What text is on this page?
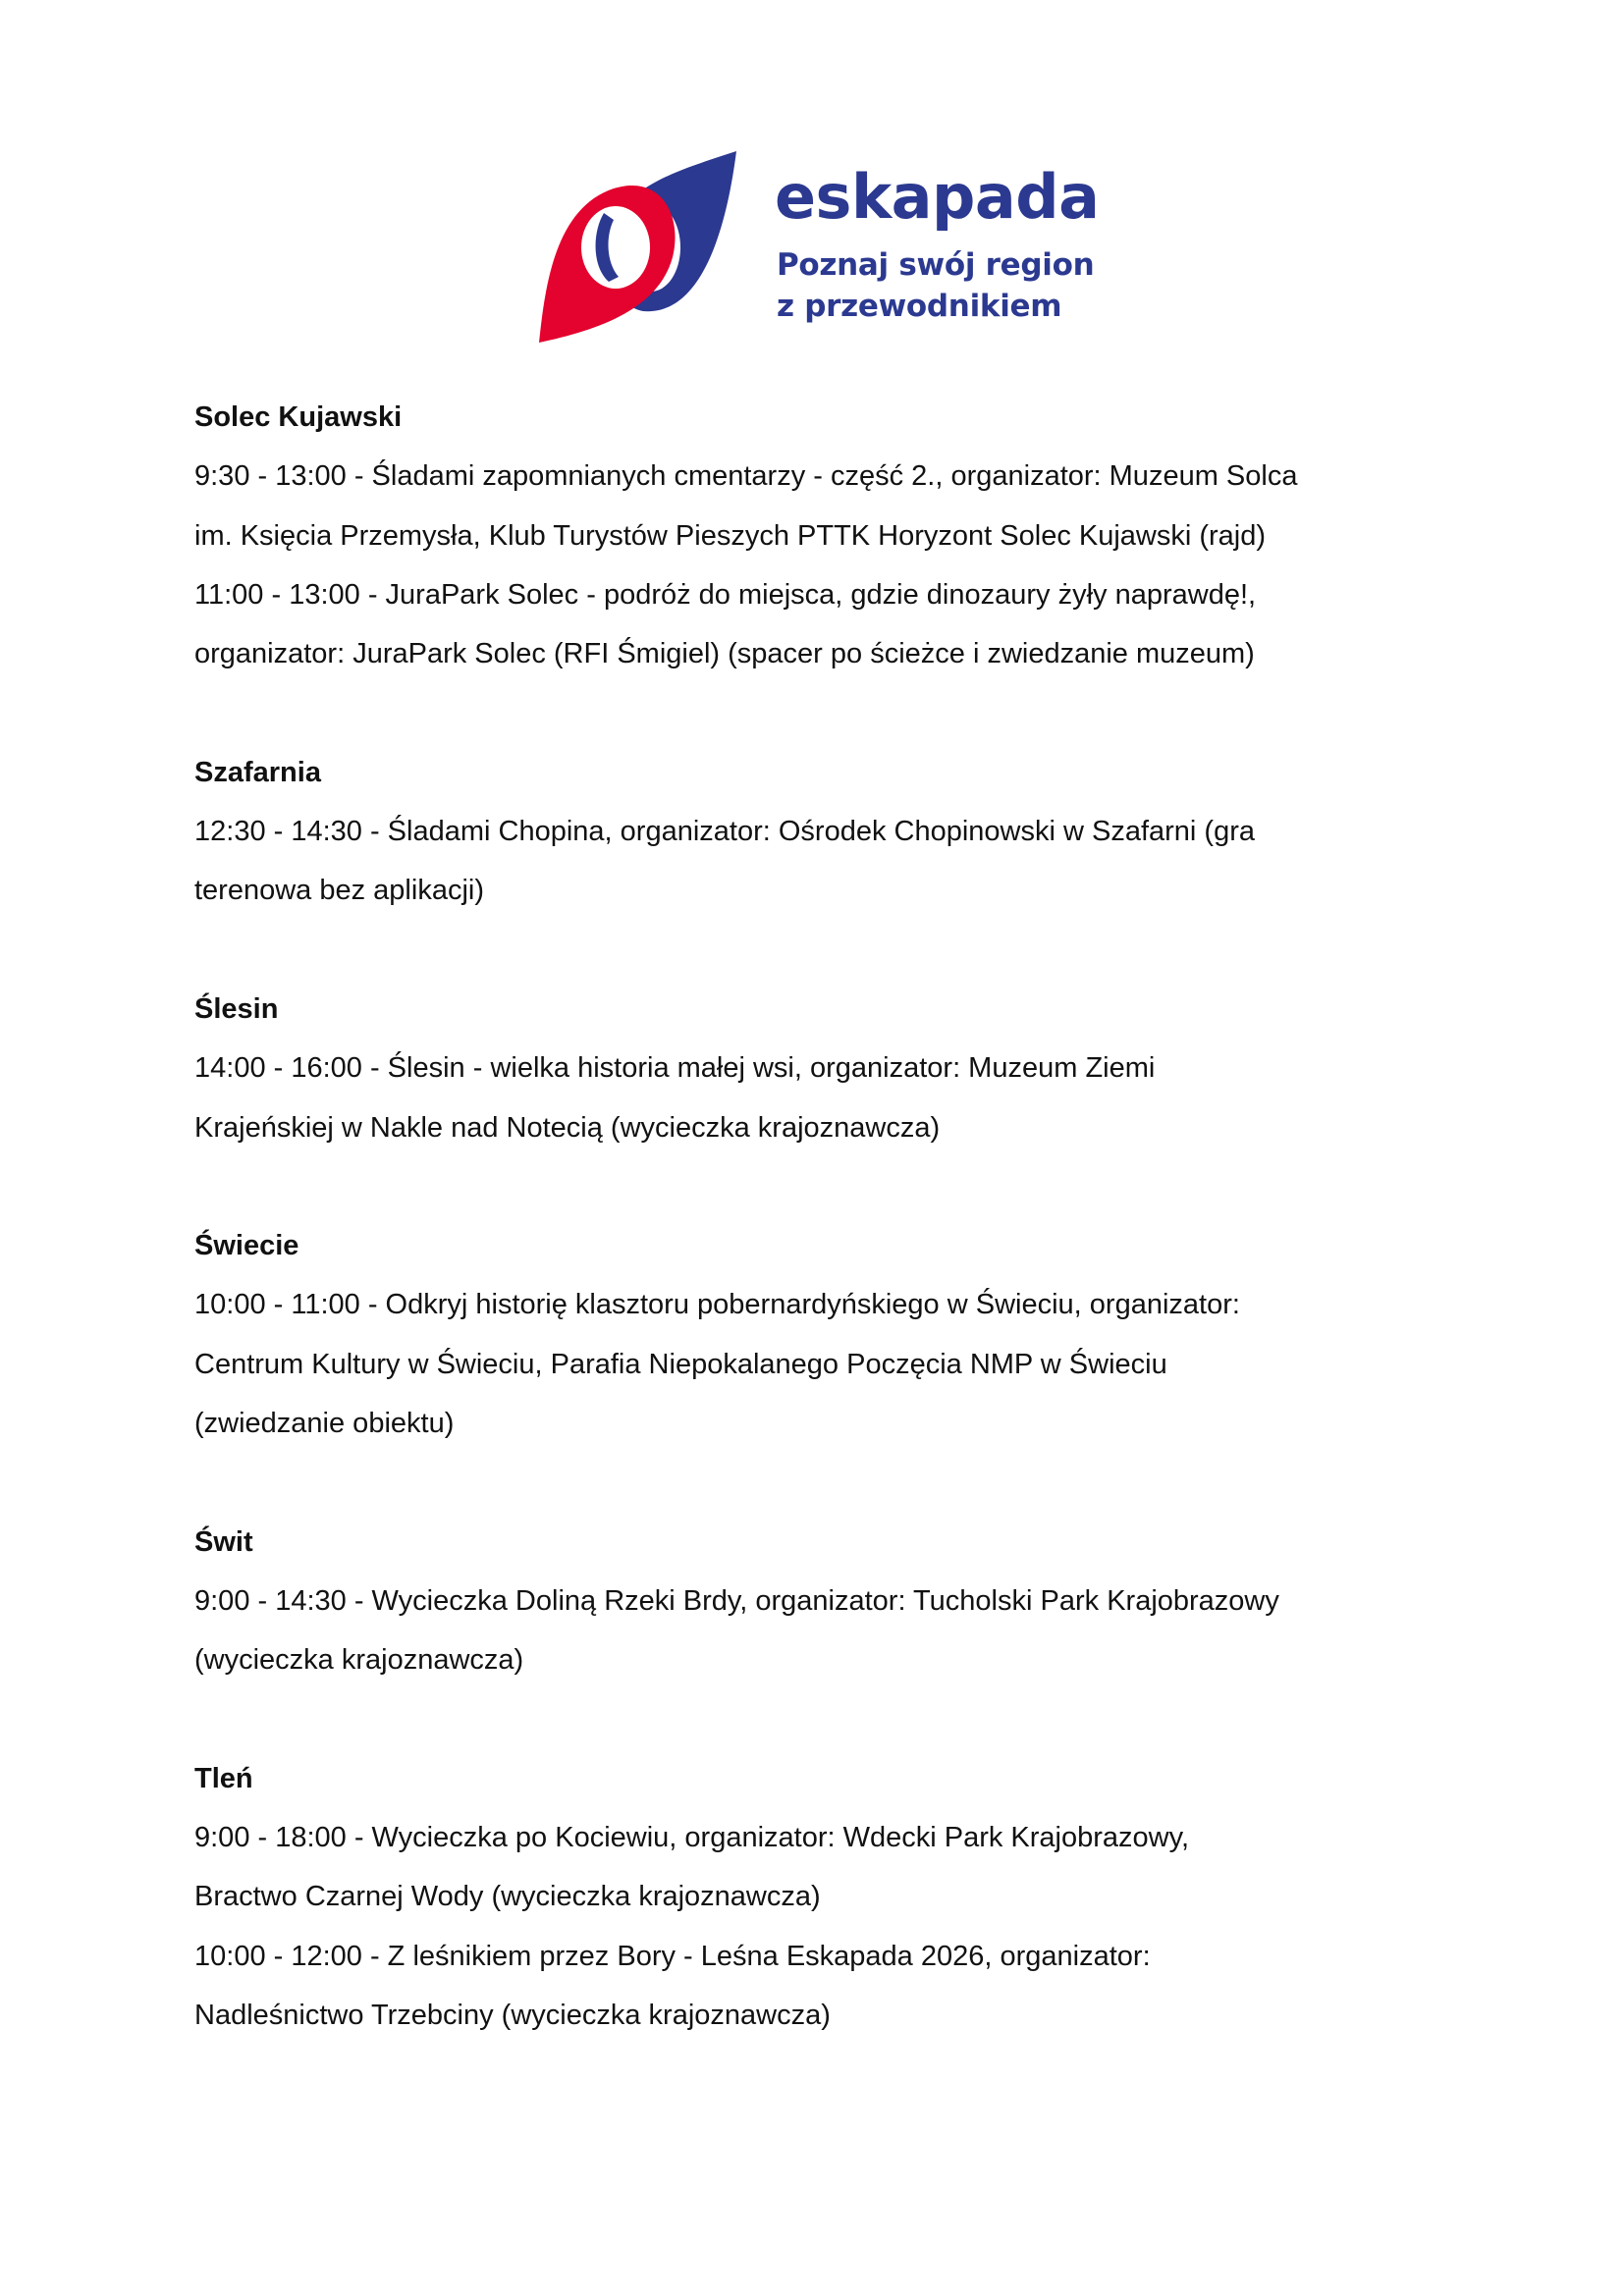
eskapada
Poznaj swój region
z przewodnikiem
Solec Kujawski
9:30 - 13:00 - Śladami zapomnianych cmentarzy - część 2., organizator: Muzeum Solca
im. Księcia Przemysła, Klub Turystów Pieszych PTTK Horyzont Solec Kujawski (rajd)
11:00 - 13:00 - JuraPark Solec - podróż do miejsca, gdzie dinozaury żyły naprawdę!,
organizator: JuraPark Solec (RFI Śmigiel) (spacer po ścieżce i zwiedzanie muzeum)
Szafarnia
12:30 - 14:30 - Śladami Chopina, organizator: Ośrodek Chopinowski w Szafarni (gra
terenowa bez aplikacji)
Ślesin
14:00 - 16:00 - Ślesin - wielka historia małej wsi, organizator: Muzeum Ziemi
Krajeńskiej w Nakle nad Notecią (wycieczka krajoznawcza)
Świecie
10:00 - 11:00 - Odkryj historię klasztoru pobernardyńskiego w Świeciu, organizator:
Centrum Kultury w Świeciu, Parafia Niepokalanego Poczęcia NMP w Świeciu
(zwiedzanie obiektu)
Świt
9:00 - 14:30 - Wycieczka Doliną Rzeki Brdy, organizator: Tucholski Park Krajobrazowy
(wycieczka krajoznawcza)
Tleń
9:00 - 18:00 - Wycieczka po Kociewiu, organizator: Wdecki Park Krajobrazowy,
Bractwo Czarnej Wody (wycieczka krajoznawcza)
10:00 - 12:00 - Z leśnikiem przez Bory - Leśna Eskapada 2026, organizator:
Nadleśnictwo Trzebciny (wycieczka krajoznawcza)
